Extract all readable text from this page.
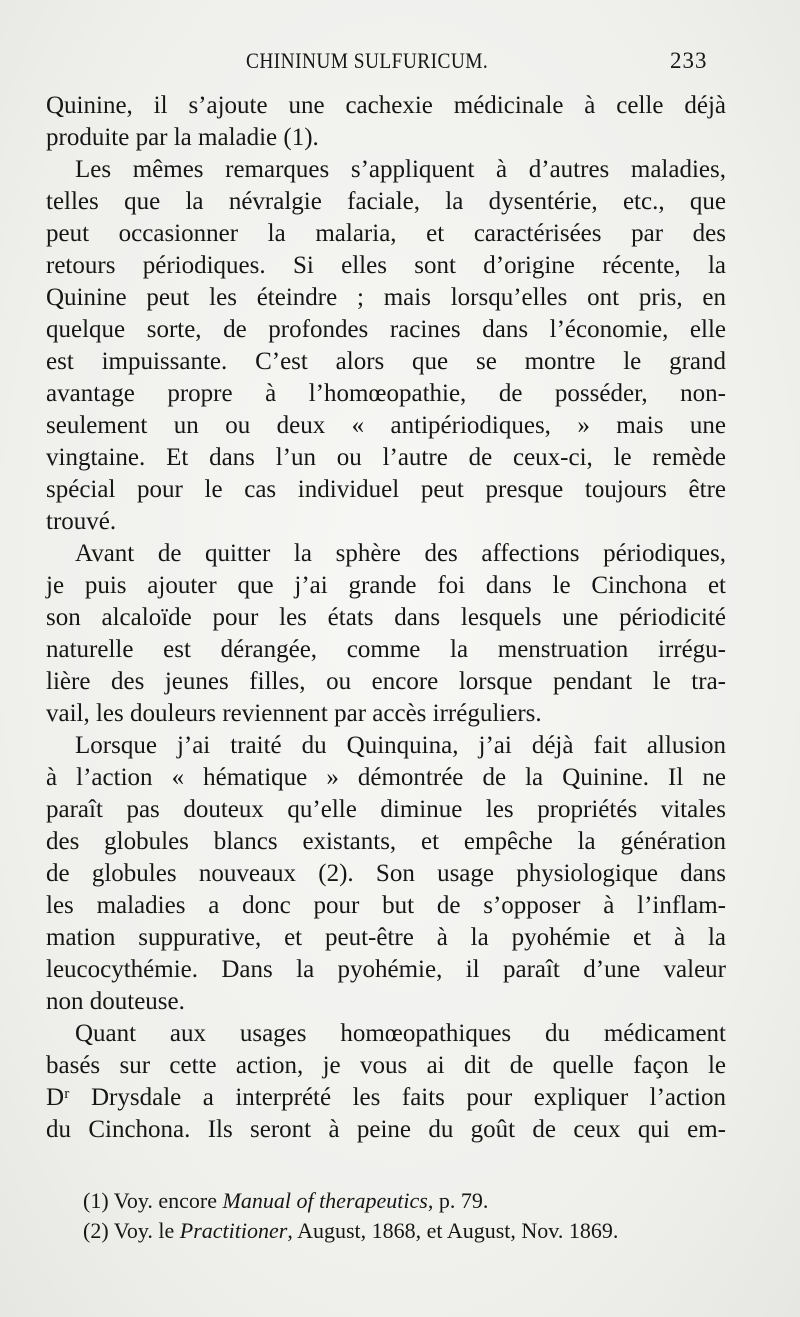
CHININUM SULFURICUM.	233
Quinine, il s’ajoute une cachexie médicinale à celle déjà
produite par la maladie (1).
Les mêmes remarques s’appliquent à d’autres maladies,
telles que la névralgie faciale, la dysentérie, etc., que
peut occasionner la malaria, et caractérisées par des
retours périodiques. Si elles sont d’origine récente, la
Quinine peut les éteindre ; mais lorsqu’elles ont pris, en
quelque sorte, de profondes racines dans l’économie, elle
est impuissante. C’est alors que se montre le grand
avantage propre à l’homœopathie, de posséder, non-
seulement un ou deux « antipériodiques, » mais une
vingtaine. Et dans l’un ou l’autre de ceux-ci, le remède
spécial pour le cas individuel peut presque toujours être
trouvé.
Avant de quitter la sphère des affections périodiques,
je puis ajouter que j’ai grande foi dans le Cinchona et
son alcaloïde pour les états dans lesquels une périodicité
naturelle est dérangée, comme la menstruation irrégu-
lière des jeunes filles, ou encore lorsque pendant le tra-
vail, les douleurs reviennent par accès irréguliers.
Lorsque j’ai traité du Quinquina, j’ai déjà fait allusion
à l’action « hématique » démontrée de la Quinine. Il ne
paraît pas douteux qu’elle diminue les propriétés vitales
des globules blancs existants, et empêche la génération
de globules nouveaux (2). Son usage physiologique dans
les maladies a donc pour but de s’opposer à l’inflam-
mation suppurative, et peut-être à la pyohémie et à la
leucocythémie. Dans la pyohémie, il paraît d’une valeur
non douteuse.
Quant aux usages homœopathiques du médicament
basés sur cette action, je vous ai dit de quelle façon le
Dʳ Drysdale a interprété les faits pour expliquer l’action
du Cinchona. Ils seront à peine du goût de ceux qui em-
(1) Voy. encore Manual of therapeutics, p. 79.
(2) Voy. le Practitioner, August, 1868, et August, Nov. 1869.
